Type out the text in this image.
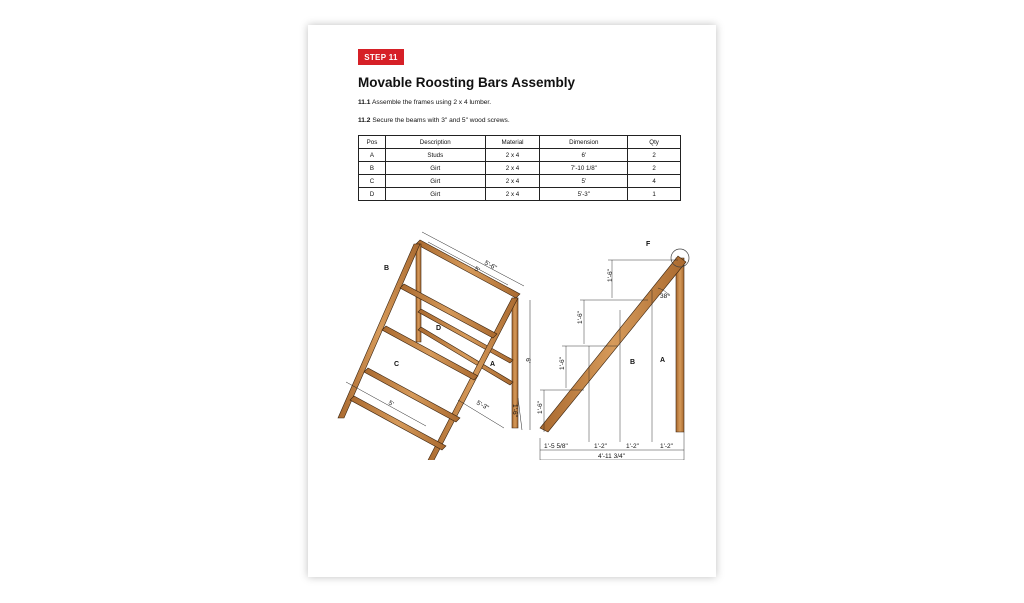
STEP 11
Movable Roosting Bars Assembly
11.1 Assemble the frames using 2 x 4 lumber.
11.2 Secure the beams with 3" and 5" wood screws.
Pos	Description	Material	Dimension	Qty
A	Studs	2 x 4	6'	2
B	Girt	2 x 4	7'-10 1/8"	2
C	Girt	2 x 4	5'	4
D	Girt	2 x 4	5'-3"	1
5'-6"
5'
6'
1'-6"
5'	5'-3"
B
D
C	A
1'-6"
1'-6"
1'-6"
1'-6"
1'-5 5/8"	1'-2"	1'-2"	1'-2"
4'-11 3/4"
38°
F
B	A
